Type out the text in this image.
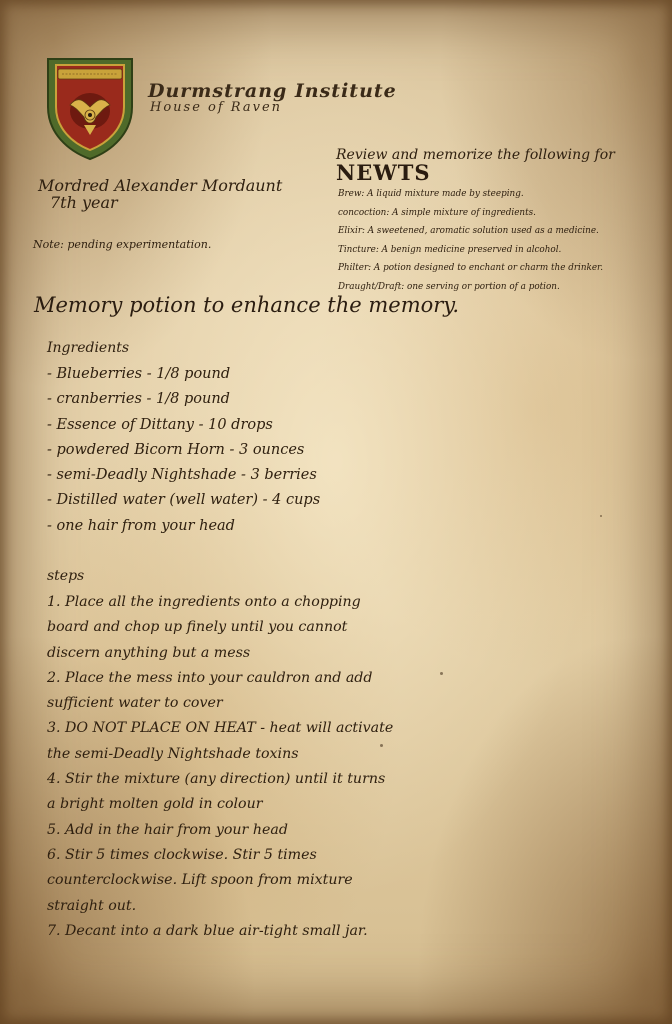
Durmstrang Institute
House of Raven
Mordred Alexander Mordaunt
7th year
Note: pending experimentation.
Review and memorize the following for
NEWTS
Brew: A liquid mixture made by steeping.
concoction: A simple mixture of ingredients.
Elixir: A sweetened, aromatic solution used as a medicine.
Tincture: A benign medicine preserved in alcohol.
Philter: A potion designed to enchant or charm the drinker.
Draught/Draft: one serving or portion of a potion.
Memory potion to enhance the memory.
Ingredients
- Blueberries - 1/8 pound
- cranberries - 1/8 pound
- Essence of Dittany - 10 drops
- powdered Bicorn Horn - 3 ounces
- semi-Deadly Nightshade - 3 berries
- Distilled water (well water) - 4 cups
- one hair from your head
steps
1. Place all the ingredients onto a chopping
board and chop up finely until you cannot
discern anything but a mess
2. Place the mess into your cauldron and add
sufficient water to cover
3. DO NOT PLACE ON HEAT - heat will activate
the semi-Deadly Nightshade toxins
4. Stir the mixture (any direction) until it turns
a bright molten gold in colour
5. Add in the hair from your head
6. Stir 5 times clockwise. Stir 5 times
counterclockwise. Lift spoon from mixture
straight out.
7. Decant into a dark blue air-tight small jar.
